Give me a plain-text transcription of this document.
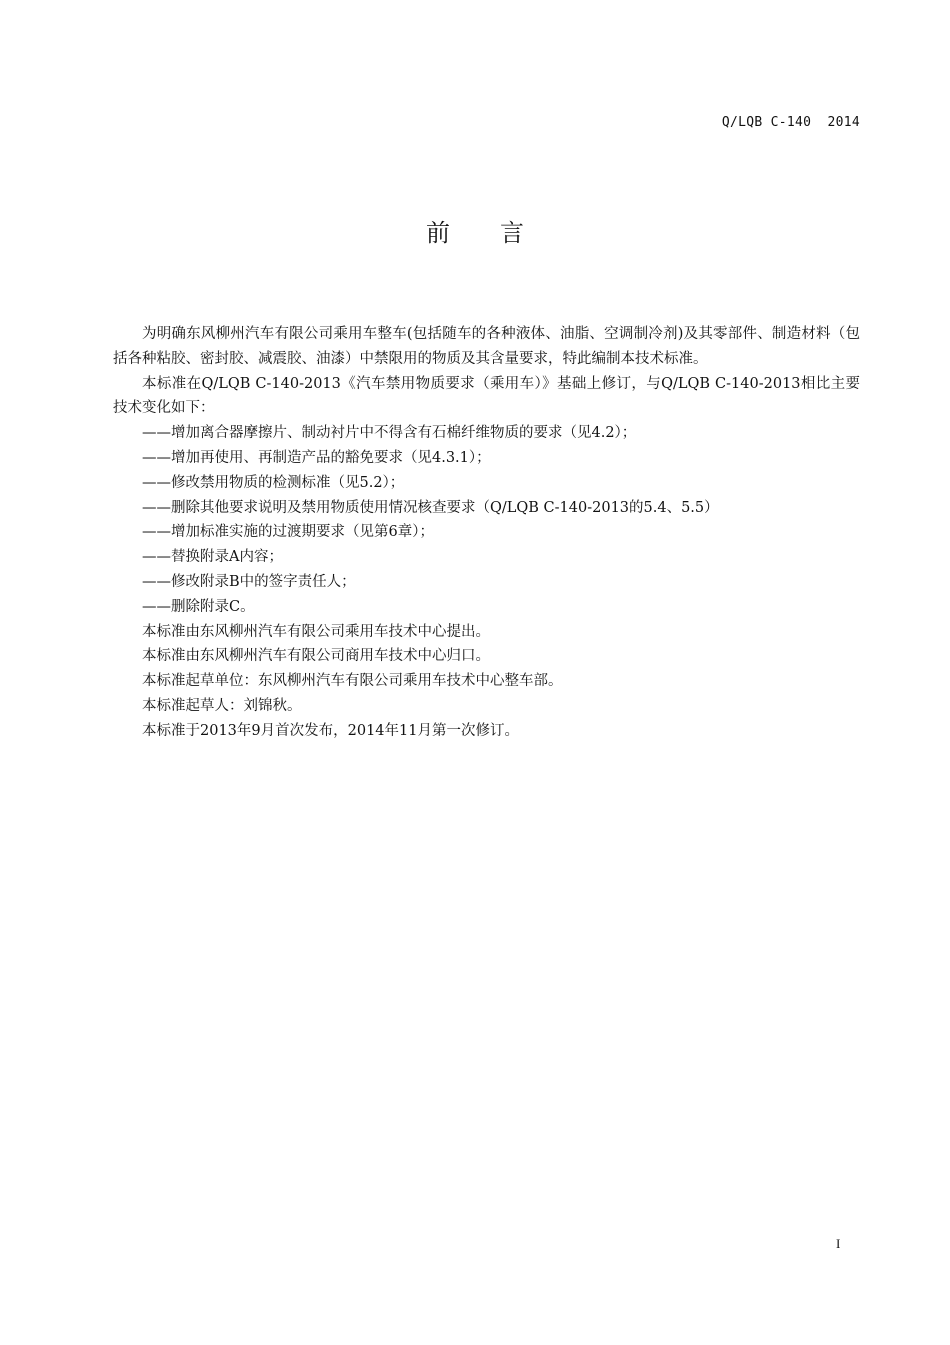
Q/LQB C-140  2014
前言

为明确东风柳州汽车有限公司乘用车整车(包括随车的各种液体、油脂、空调制冷剂)及其零部件、制造材料（包括各种粘胶、密封胶、减震胶、油漆）中禁限用的物质及其含量要求，特此编制本技术标准。

本标准在Q/LQB C-140-2013《汽车禁用物质要求（乘用车）》基础上修订，与Q/LQB C-140-2013相比主要技术变化如下：

——增加离合器摩擦片、制动衬片中不得含有石棉纤维物质的要求（见4.2）；

——增加再使用、再制造产品的豁免要求（见4.3.1）；

——修改禁用物质的检测标准（见5.2）；

——删除其他要求说明及禁用物质使用情况核查要求（Q/LQB C-140-2013的5.4、5.5）

——增加标准实施的过渡期要求（见第6章）；

——替换附录A内容；

——修改附录B中的签字责任人；

——删除附录C。

本标准由东风柳州汽车有限公司乘用车技术中心提出。

本标准由东风柳州汽车有限公司商用车技术中心归口。

本标准起草单位：东风柳州汽车有限公司乘用车技术中心整车部。

本标准起草人：刘锦秋。

本标准于2013年9月首次发布，2014年11月第一次修订。

I
